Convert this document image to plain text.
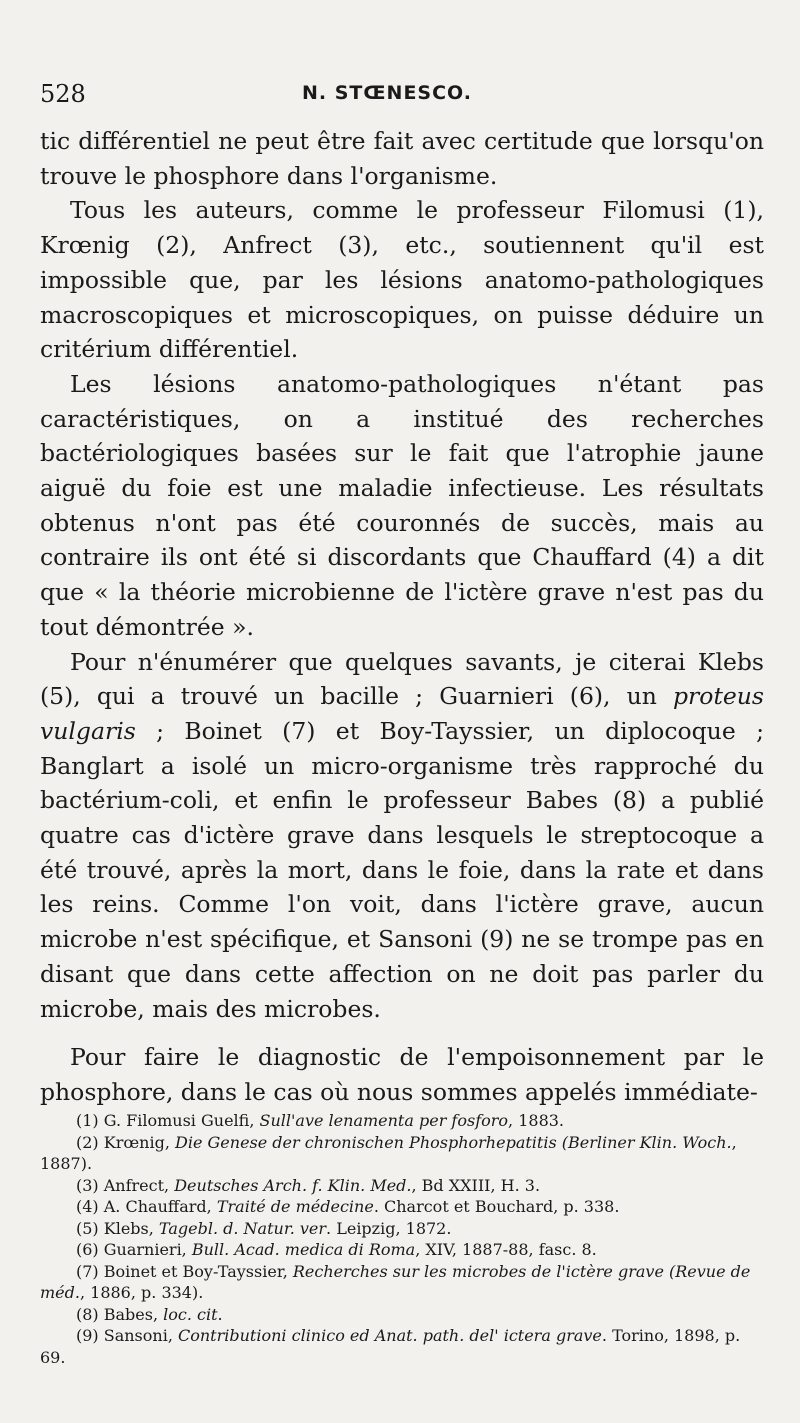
528	N. STŒNESCO.

tic différentiel ne peut être fait avec certitude que lorsqu'on trouve le phosphore dans l'organisme.

Tous les auteurs, comme le professeur Filomusi (1), Krœnig (2), Anfrect (3), etc., soutiennent qu'il est impossible que, par les lésions anatomo-pathologiques macroscopiques et microscopiques, on puisse déduire un critérium différentiel.

Les lésions anatomo-pathologiques n'étant pas caractéristiques, on a institué des recherches bactériologiques basées sur le fait que l'atrophie jaune aiguë du foie est une maladie infectieuse. Les résultats obtenus n'ont pas été couronnés de succès, mais au contraire ils ont été si discordants que Chauffard (4) a dit que « la théorie microbienne de l'ictère grave n'est pas du tout démontrée ».

Pour n'énumérer que quelques savants, je citerai Klebs (5), qui a trouvé un bacille ; Guarnieri (6), un proteus vulgaris ; Boinet (7) et Boy-Tayssier, un diplocoque ; Banglart a isolé un micro-organisme très rapproché du bactérium-coli, et enfin le professeur Babes (8) a publié quatre cas d'ictère grave dans lesquels le streptocoque a été trouvé, après la mort, dans le foie, dans la rate et dans les reins. Comme l'on voit, dans l'ictère grave, aucun microbe n'est spécifique, et Sansoni (9) ne se trompe pas en disant que dans cette affection on ne doit pas parler du microbe, mais des microbes.

Pour faire le diagnostic de l'empoisonnement par le phosphore, dans le cas où nous sommes appelés immédiate-

(1) G. Filomusi Guelfi, Sull'ave lenamenta per fosforo, 1883.

(2) Krœnig, Die Genese der chronischen Phosphorhepatitis (Berliner Klin. Woch., 1887).

(3) Anfrect, Deutsches Arch. f. Klin. Med., Bd XXIII, H. 3.

(4) A. Chauffard, Traité de médecine. Charcot et Bouchard, p. 338.

(5) Klebs, Tagebl. d. Natur. ver. Leipzig, 1872.

(6) Guarnieri, Bull. Acad. medica di Roma, XIV, 1887-88, fasc. 8.

(7) Boinet et Boy-Tayssier, Recherches sur les microbes de l'ictère grave (Revue de méd., 1886, p. 334).

(8) Babes, loc. cit.

(9) Sansoni, Contributioni clinico ed Anat. path. del' ictera grave. Torino, 1898, p. 69.
